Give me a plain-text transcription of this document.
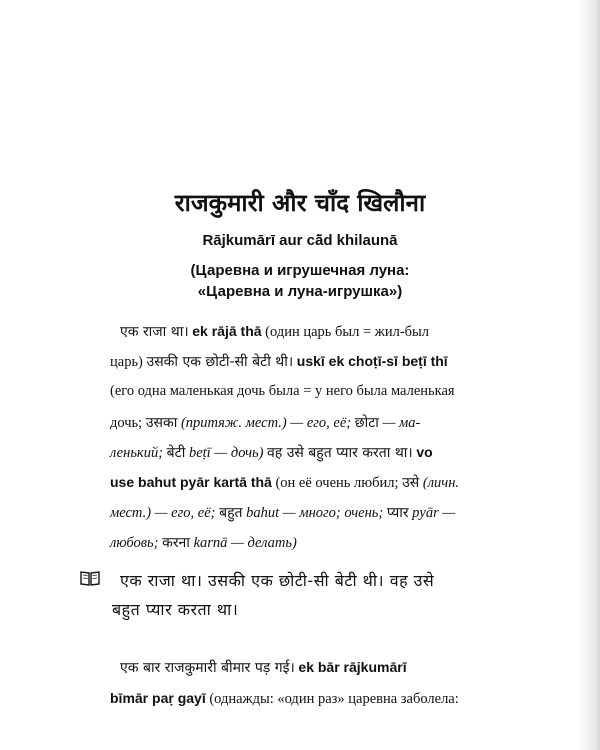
राजकुमारी और चाँद खिलौना
Rājkumārī aur cā̃d khilaunā
(Царевна и игрушечная луна:
«Царевна и луна-игрушка»)
एक राजा था। ek rājā thā (один царь был = жил-был
царь) उसकी एक छोटी-सी बेटी थी। uskī ek choṭī-sī beṭī thī
(его одна маленькая дочь была = у него была маленькая
дочь; उसका (притяж. мест.) — его, её; छोटा — ма-
ленький; बेटी beṭī — дочь) वह उसे बहुत प्यार करता था। vo
use bahut pyār kartā thā (он её очень любил; उसे (личн.
мест.) — его, её; बहुत bahut — много; очень; प्यार pyār —
любовь; करना karnā — делать)
एक राजा था। उसकी एक छोटी-सी बेटी थी। वह उसे
बहुत प्यार करता था।
एक बार राजकुमारी बीमार पड़ गई। ek bār rājkumārī
bīmār paṛ gayī (однажды: «один раз» царевна заболела:
